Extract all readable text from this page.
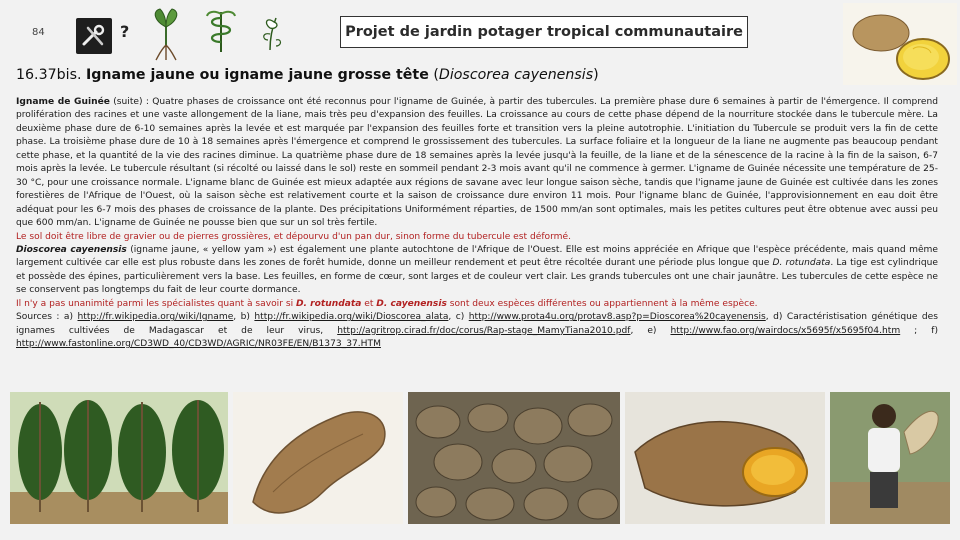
84	?	Projet de jardin potager tropical communautaire
16.37bis. Igname jaune ou igname jaune grosse tête (Dioscorea cayenensis)

Igname de Guinée (suite) : Quatre phases de croissance ont été reconnus pour l'igname de Guinée, à partir des tubercules. La première phase dure 6 semaines à partir de l'émergence. Il comprend prolifération des racines et une vaste allongement de la liane, mais très peu d'expansion des feuilles. La croissance au cours de cette phase dépend de la nourriture stockée dans le tubercule mère. La deuxième phase dure de 6-10 semaines après la levée et est marquée par l'expansion des feuilles forte et transition vers la pleine autotrophie. L'initiation du Tubercule se produit vers la fin de cette phase. La troisième phase dure de 10 à 18 semaines après l'émergence et comprend le grossissement des tubercules. La surface foliaire et la longueur de la liane ne augmente pas beaucoup pendant cette phase, et la quantité de la vie des racines diminue. La quatrième phase dure de 18 semaines après la levée jusqu'à la feuille, de la liane et de la sénescence de la racine à la fin de la saison, 6-7 mois après la levée. Le tubercule résultant (si récolté ou laissé dans le sol) reste en sommeil pendant 2-3 mois avant qu'il ne commence à germer. L'igname de Guinée nécessite une température de 25-30 °C, pour une croissance normale. L'igname blanc de Guinée est mieux adaptée aux régions de savane avec leur longue saison sèche, tandis que l'igname jaune de Guinée est cultivée dans les zones forestières de l'Afrique de l'Ouest, où la saison sèche est relativement courte et la saison de croissance dure environ 11 mois. Pour l'igname blanc de Guinée, l'approvisionnement en eau doit être adéquat pour les 6-7 mois des phases de croissance de la plante. Des précipitations Uniformément réparties, de 1500 mm/an sont optimales, mais les petites cultures peut être obtenue avec aussi peu que 600 mm/an. L'igname de Guinée ne pousse bien que sur un sol très fertile.

Le sol doit être libre de gravier ou de pierres grossières, et dépourvu d'un pan dur, sinon forme du tubercule est déformé.

Dioscorea cayenensis (igname jaune, « yellow yam ») est également une plante autochtone de l'Afrique de l'Ouest. Elle est moins appréciée en Afrique que l'espèce précédente, mais quand même largement cultivée car elle est plus robuste dans les zones de forêt humide, donne un meilleur rendement et peut être récoltée durant une période plus longue que D. rotundata. La tige est cylindrique et possède des épines, particulièrement vers la base. Les feuilles, en forme de cœur, sont larges et de couleur vert clair. Les grands tubercules ont une chair jaunâtre. Les tubercules de cette espèce ne se conservent pas longtemps du fait de leur courte dormance.

Il n'y a pas unanimité parmi les spécialistes quant à savoir si D. rotundata et D. cayenensis sont deux espèces différentes ou appartiennent à la même espèce.

Sources : a) http://fr.wikipedia.org/wiki/Igname, b) http://fr.wikipedia.org/wiki/Dioscorea_alata, c) http://www.prota4u.org/protav8.asp?p=Dioscorea%20cayenensis, d) Caractéristisation génétique des ignames cultivées de Madagascar et de leur virus, http://agritrop.cirad.fr/doc/corus/Rap-stage_MamyTiana2010.pdf, e) http://www.fao.org/wairdocs/x5695f/x5695f04.htm ; f) http://www.fastonline.org/CD3WD_40/CD3WD/AGRIC/NR03FE/EN/B1373_37.HTM
